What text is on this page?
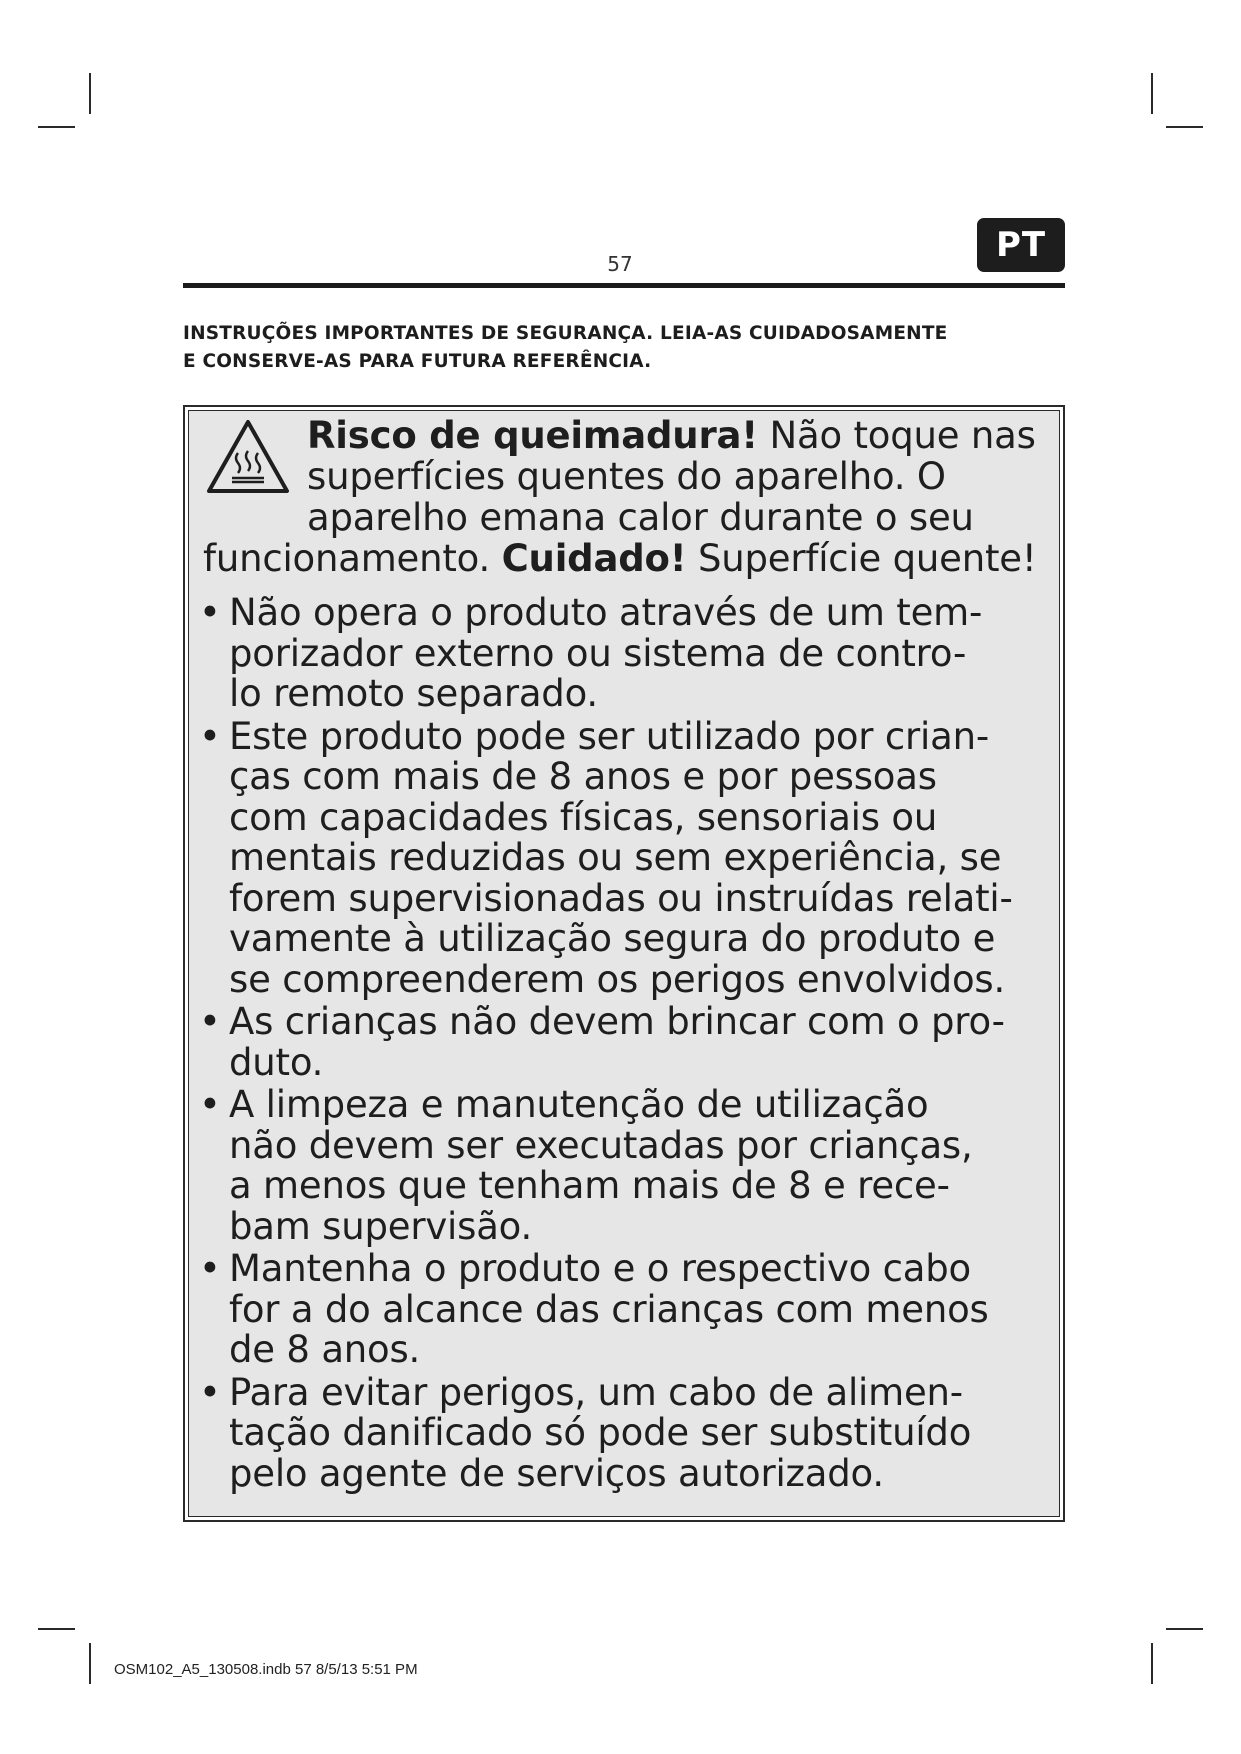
57	PT
INSTRUÇÕES IMPORTANTES DE SEGURANÇA. LEIA-AS CUIDADOSAMENTE
E CONSERVE-AS PARA FUTURA REFERÊNCIA.
Risco de queimadura! Não toque nas
superfícies quentes do aparelho. O
aparelho emana calor durante o seu
funcionamento. Cuidado! Superfície quente!
• Não opera o produto através de um tem-
porizador externo ou sistema de contro-
lo remoto separado.
• Este produto pode ser utilizado por crian-
ças com mais de 8 anos e por pessoas
com capacidades físicas, sensoriais ou
mentais reduzidas ou sem experiência, se
forem supervisionadas ou instruídas relati-
vamente à utilização segura do produto e
se compreenderem os perigos envolvidos.
• As crianças não devem brincar com o pro-
duto.
• A limpeza e manutenção de utilização
não devem ser executadas por crianças,
a menos que tenham mais de 8 e rece-
bam supervisão.
• Mantenha o produto e o respectivo cabo
for a do alcance das crianças com menos
de 8 anos.
• Para evitar perigos, um cabo de alimen-
tação danificado só pode ser substituído
pelo agente de serviços autorizado.
OSM102_A5_130508.indb 57 8/5/13 5:51 PM
